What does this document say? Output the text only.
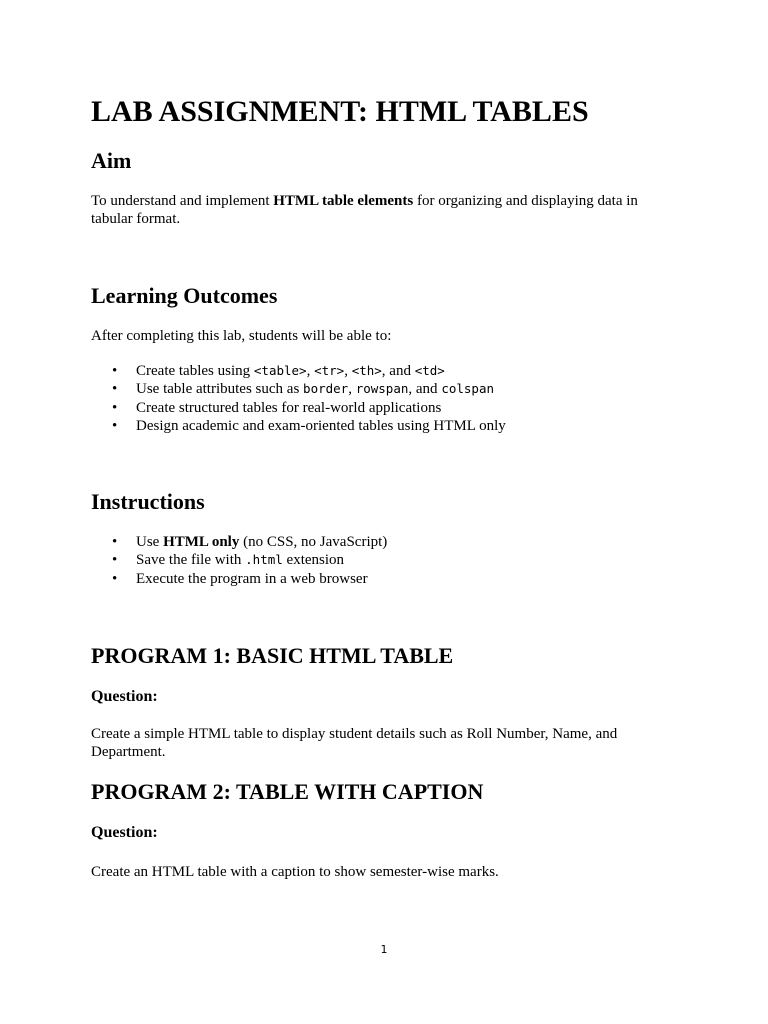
LAB ASSIGNMENT: HTML TABLES
Aim

To understand and implement HTML table elements for organizing and displaying data in tabular format.

Learning Outcomes

After completing this lab, students will be able to:

• Create tables using <table>, <tr>, <th>, and <td>
• Use table attributes such as border, rowspan, and colspan
• Create structured tables for real-world applications
• Design academic and exam-oriented tables using HTML only
Instructions
• Use HTML only (no CSS, no JavaScript)
• Save the file with .html extension
• Execute the program in a web browser
PROGRAM 1: BASIC HTML TABLE
Question:

Create a simple HTML table to display student details such as Roll Number, Name, and Department.

PROGRAM 2: TABLE WITH CAPTION
Question:

Create an HTML table with a caption to show semester-wise marks.

1
